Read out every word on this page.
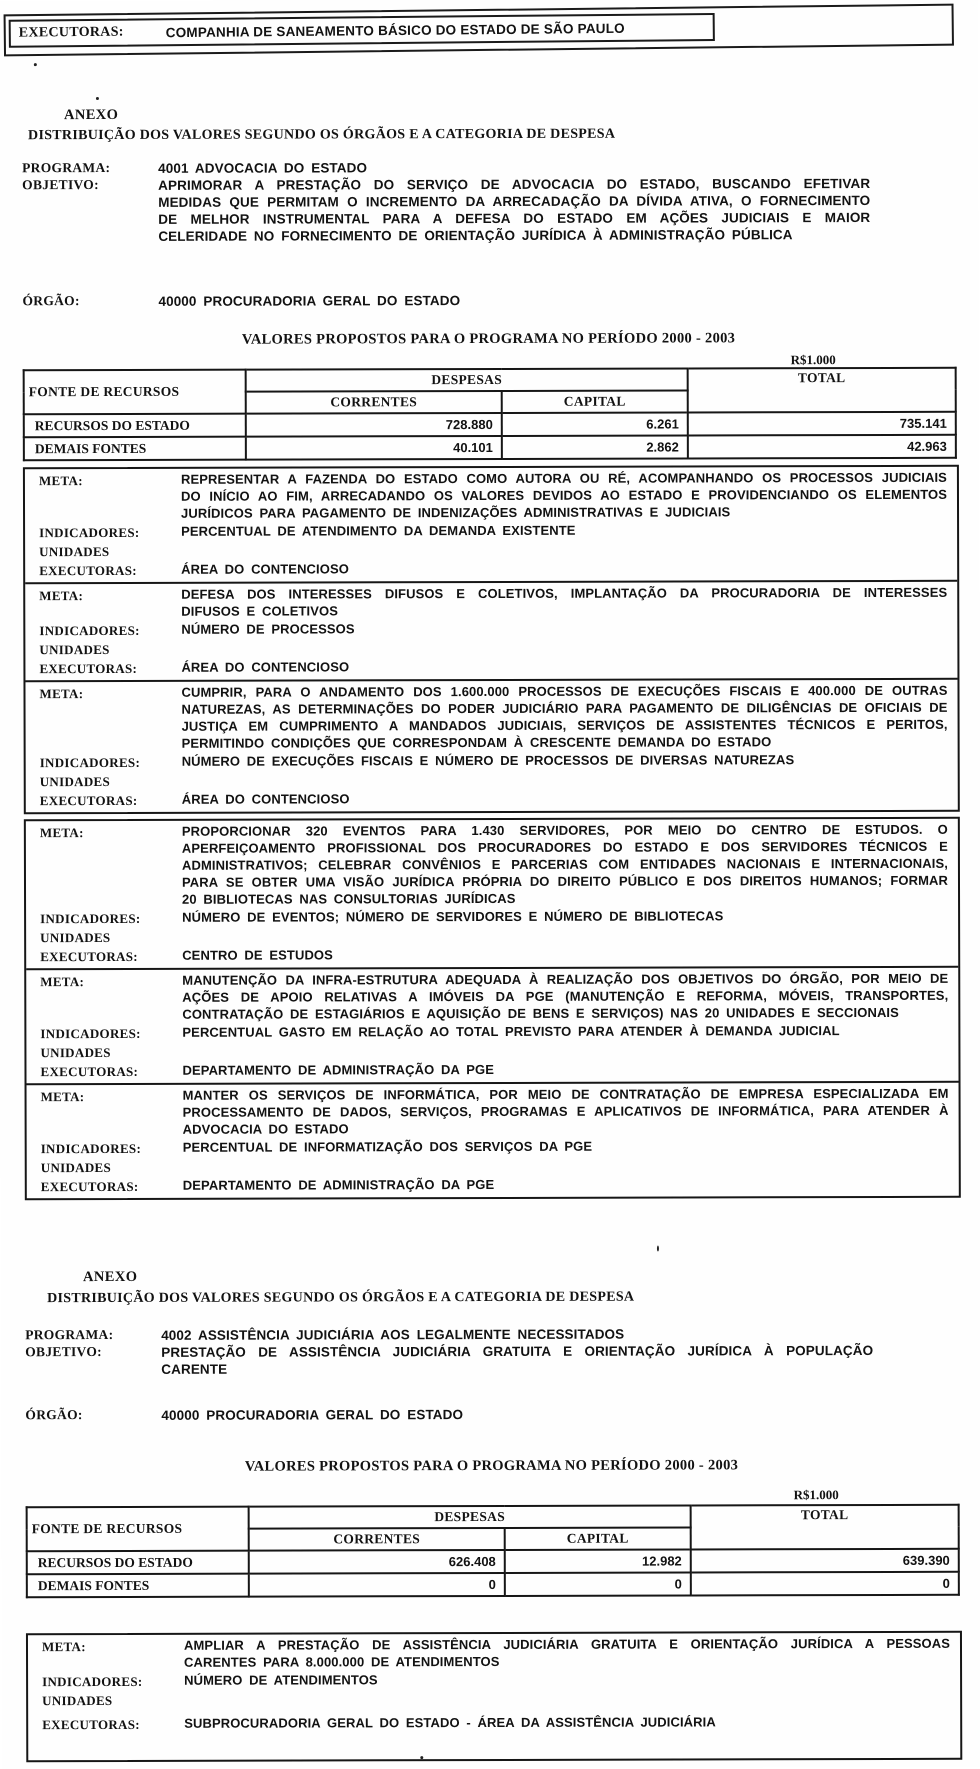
EXECUTORAS:	COMPANHIA DE SANEAMENTO BÁSICO DO ESTADO DE SÃO PAULO
ANEXO
DISTRIBUIÇÃO DOS VALORES SEGUNDO OS ÓRGÃOS E A CATEGORIA DE DESPESA
PROGRAMA:	4001 ADVOCACIA DO ESTADO

OBJETIVO:	APRIMORAR A PRESTAÇÃO DO SERVIÇO DE ADVOCACIA DO ESTADO, BUSCANDO EFETIVAR MEDIDAS QUE PERMITAM O INCREMENTO DA ARRECADAÇÃO DA DÍVIDA ATIVA, O FORNECIMENTO DE MELHOR INSTRUMENTAL PARA A DEFESA DO ESTADO EM AÇÕES JUDICIAIS E MAIOR CELERIDADE NO FORNECIMENTO DE ORIENTAÇÃO JURÍDICA À ADMINISTRAÇÃO PÚBLICA

ÓRGÃO:	40000 PROCURADORIA GERAL DO ESTADO

VALORES PROPOSTOS PARA O PROGRAMA NO PERÍODO 2000 - 2003
R$1.000
FONTE DE RECURSOS	DESPESAS		TOTAL
	CORRENTES	CAPITAL	
RECURSOS DO ESTADO	728.880	6.261	735.141
DEMAIS FONTES	40.101	2.862	42.963
META:	REPRESENTAR A FAZENDA DO ESTADO COMO AUTORA OU RÉ, ACOMPANHANDO OS PROCESSOS JUDICIAIS DO INÍCIO AO FIM, ARRECADANDO OS VALORES DEVIDOS AO ESTADO E PROVIDENCIANDO OS ELEMENTOS JURÍDICOS PARA PAGAMENTO DE INDENIZAÇÕES ADMINISTRATIVAS E JUDICIAIS

INDICADORES:	PERCENTUAL DE ATENDIMENTO DA DEMANDA EXISTENTE

UNIDADES
EXECUTORAS:	ÁREA DO CONTENCIOSO

META:	DEFESA DOS INTERESSES DIFUSOS E COLETIVOS, IMPLANTAÇÃO DA PROCURADORIA DE INTERESSES DIFUSOS E COLETIVOS

INDICADORES:	NÚMERO DE PROCESSOS

UNIDADES
EXECUTORAS:	ÁREA DO CONTENCIOSO

META:	CUMPRIR, PARA O ANDAMENTO DOS 1.600.000 PROCESSOS DE EXECUÇÕES FISCAIS E 400.000 DE OUTRAS NATUREZAS, AS DETERMINAÇÕES DO PODER JUDICIÁRIO PARA PAGAMENTO DE DILIGÊNCIAS DE OFICIAIS DE JUSTIÇA EM CUMPRIMENTO A MANDADOS JUDICIAIS, SERVIÇOS DE ASSISTENTES TÉCNICOS E PERITOS, PERMITINDO CONDIÇÕES QUE CORRESPONDAM À CRESCENTE DEMANDA DO ESTADO

INDICADORES:	NÚMERO DE EXECUÇÕES FISCAIS E NÚMERO DE PROCESSOS DE DIVERSAS NATUREZAS

UNIDADES
EXECUTORAS:	ÁREA DO CONTENCIOSO

META:	PROPORCIONAR 320 EVENTOS PARA 1.430 SERVIDORES, POR MEIO DO CENTRO DE ESTUDOS. O APERFEIÇOAMENTO PROFISSIONAL DOS PROCURADORES DO ESTADO E DOS SERVIDORES TÉCNICOS E ADMINISTRATIVOS; CELEBRAR CONVÊNIOS E PARCERIAS COM ENTIDADES NACIONAIS E INTERNACIONAIS, PARA SE OBTER UMA VISÃO JURÍDICA PRÓPRIA DO DIREITO PÚBLICO E DOS DIREITOS HUMANOS; FORMAR 20 BIBLIOTECAS NAS CONSULTORIAS JURÍDICAS

INDICADORES:	NÚMERO DE EVENTOS; NÚMERO DE SERVIDORES E NÚMERO DE BIBLIOTECAS

UNIDADES
EXECUTORAS:	CENTRO DE ESTUDOS

META:	MANUTENÇÃO DA INFRA-ESTRUTURA ADEQUADA À REALIZAÇÃO DOS OBJETIVOS DO ÓRGÃO, POR MEIO DE AÇÕES DE APOIO RELATIVAS A IMÓVEIS DA PGE (MANUTENÇÃO E REFORMA, MÓVEIS, TRANSPORTES, CONTRATAÇÃO DE ESTAGIÁRIOS E AQUISIÇÃO DE BENS E SERVIÇOS) NAS 20 UNIDADES E SECCIONAIS

INDICADORES:	PERCENTUAL GASTO EM RELAÇÃO AO TOTAL PREVISTO PARA ATENDER À DEMANDA JUDICIAL

UNIDADES
EXECUTORAS:	DEPARTAMENTO DE ADMINISTRAÇÃO DA PGE

META:	MANTER OS SERVIÇOS DE INFORMÁTICA, POR MEIO DE CONTRATAÇÃO DE EMPRESA ESPECIALIZADA EM PROCESSAMENTO DE DADOS, SERVIÇOS, PROGRAMAS E APLICATIVOS DE INFORMÁTICA, PARA ATENDER À ADVOCACIA DO ESTADO

INDICADORES:	PERCENTUAL DE INFORMATIZAÇÃO DOS SERVIÇOS DA PGE

UNIDADES
EXECUTORAS:	DEPARTAMENTO DE ADMINISTRAÇÃO DA PGE

ANEXO
DISTRIBUIÇÃO DOS VALORES SEGUNDO OS ÓRGÃOS E A CATEGORIA DE DESPESA
PROGRAMA:	4002 ASSISTÊNCIA JUDICIÁRIA AOS LEGALMENTE NECESSITADOS

OBJETIVO:	PRESTAÇÃO DE ASSISTÊNCIA JUDICIÁRIA GRATUITA E ORIENTAÇÃO JURÍDICA À POPULAÇÃO CARENTE

ÓRGÃO:	40000 PROCURADORIA GERAL DO ESTADO

VALORES PROPOSTOS PARA O PROGRAMA NO PERÍODO 2000 - 2003
R$1.000
FONTE DE RECURSOS	DESPESAS		TOTAL
	CORRENTES	CAPITAL	
RECURSOS DO ESTADO	626.408	12.982	639.390
DEMAIS FONTES	0	0	0
META:	AMPLIAR A PRESTAÇÃO DE ASSISTÊNCIA JUDICIÁRIA GRATUITA E ORIENTAÇÃO JURÍDICA A PESSOAS CARENTES PARA 8.000.000 DE ATENDIMENTOS

INDICADORES:	NÚMERO DE ATENDIMENTOS

UNIDADES
EXECUTORAS:	SUBPROCURADORIA GERAL DO ESTADO - ÁREA DA ASSISTÊNCIA JUDICIÁRIA
